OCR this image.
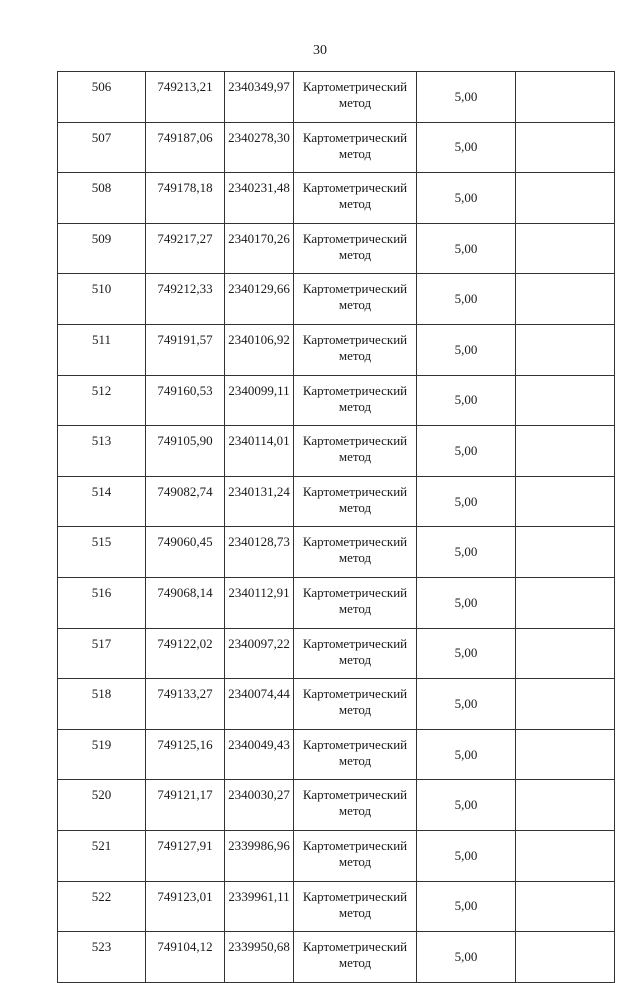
30
506	749213,21	2340349,97	Картометрический метод	5,00	
507	749187,06	2340278,30	Картометрический метод	5,00	
508	749178,18	2340231,48	Картометрический метод	5,00	
509	749217,27	2340170,26	Картометрический метод	5,00	
510	749212,33	2340129,66	Картометрический метод	5,00	
511	749191,57	2340106,92	Картометрический метод	5,00	
512	749160,53	2340099,11	Картометрический метод	5,00	
513	749105,90	2340114,01	Картометрический метод	5,00	
514	749082,74	2340131,24	Картометрический метод	5,00	
515	749060,45	2340128,73	Картометрический метод	5,00	
516	749068,14	2340112,91	Картометрический метод	5,00	
517	749122,02	2340097,22	Картометрический метод	5,00	
518	749133,27	2340074,44	Картометрический метод	5,00	
519	749125,16	2340049,43	Картометрический метод	5,00	
520	749121,17	2340030,27	Картометрический метод	5,00	
521	749127,91	2339986,96	Картометрический метод	5,00	
522	749123,01	2339961,11	Картометрический метод	5,00	
523	749104,12	2339950,68	Картометрический метод	5,00	
